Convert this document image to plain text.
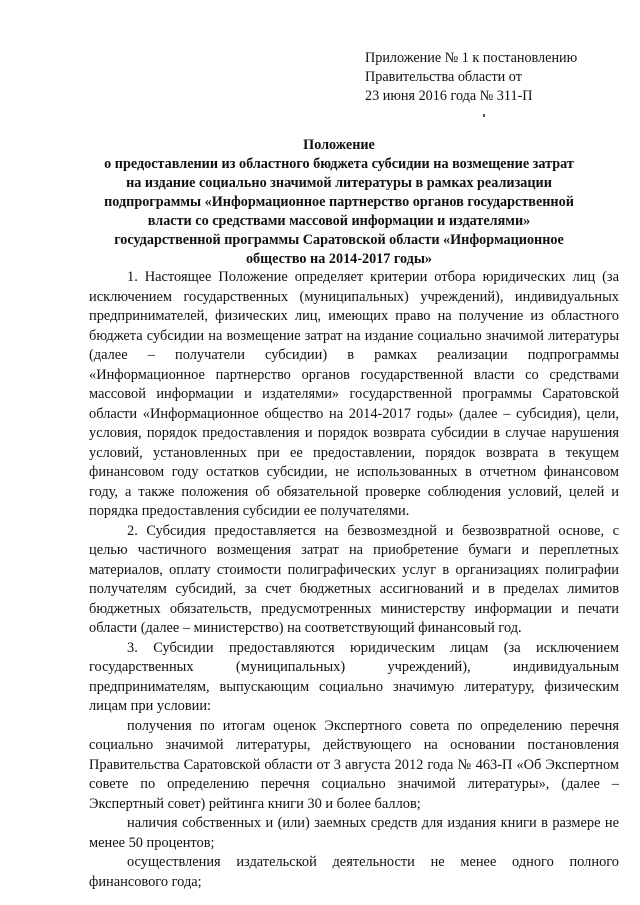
Приложение № 1 к постановлению
Правительства области от
23 июня 2016 года № 311-П
Положение
о предоставлении из областного бюджета субсидии на возмещение затрат
на издание социально значимой литературы в рамках реализации
подпрограммы «Информационное партнерство органов государственной
власти со средствами массовой информации и издателями»
государственной программы Саратовской области «Информационное
общество на 2014-2017 годы»

1. Настоящее Положение определяет критерии отбора юридических лиц (за исключением государственных (муниципальных) учреждений), индивидуальных предпринимателей, физических лиц, имеющих право на получение из областного бюджета субсидии на возмещение затрат на издание социально значимой литературы (далее – получатели субсидии) в рамках реализации подпрограммы «Информационное партнерство органов государственной власти со средствами массовой информации и издателями» государственной программы Саратовской области «Информационное общество на 2014-2017 годы» (далее – субсидия), цели, условия, порядок предоставления и порядок возврата субсидии в случае нарушения условий, установленных при ее предоставлении, порядок возврата в текущем финансовом году остатков субсидии, не использованных в отчетном финансовом году, а также положения об обязательной проверке соблюдения условий, целей и порядка предоставления субсидии ее получателями.

2. Субсидия предоставляется на безвозмездной и безвозвратной основе, с целью частичного возмещения затрат на приобретение бумаги и переплетных материалов, оплату стоимости полиграфических услуг в организациях полиграфии получателям субсидий, за счет бюджетных ассигнований и в пределах лимитов бюджетных обязательств, предусмотренных министерству информации и печати области (далее – министерство) на соответствующий финансовый год.

3. Субсидии предоставляются юридическим лицам (за исключением государственных (муниципальных) учреждений), индивидуальным предпринимателям, выпускающим социально значимую литературу, физическим лицам при условии:

получения по итогам оценок Экспертного совета по определению перечня социально значимой литературы, действующего на основании постановления Правительства Саратовской области от 3 августа 2012 года № 463-П «Об Экспертном совете по определению перечня социально значимой литературы», (далее – Экспертный совет) рейтинга книги 30 и более баллов;

наличия собственных и (или) заемных средств для издания книги в размере не менее 50 процентов;

осуществления издательской деятельности не менее одного полного финансового года;
